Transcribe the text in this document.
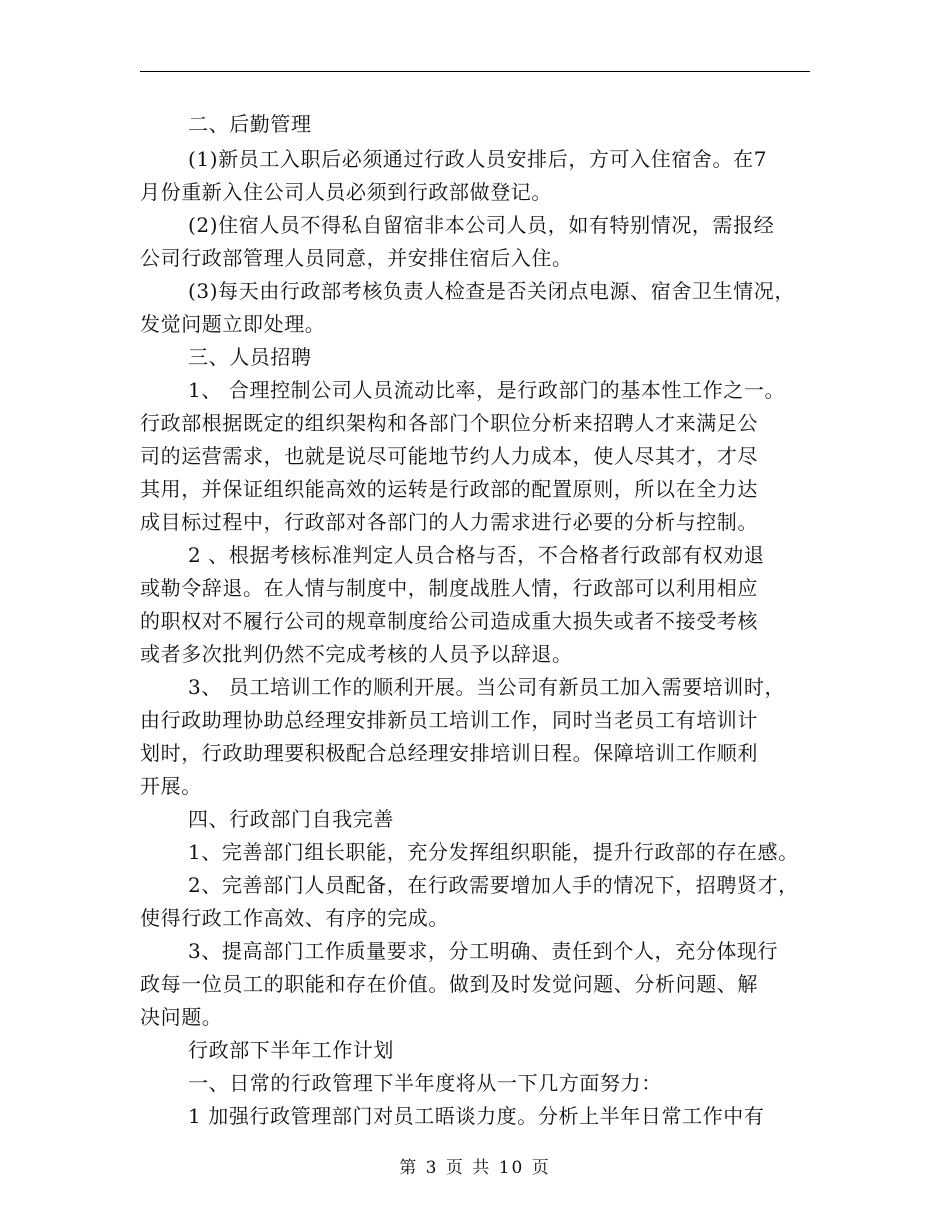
二、后勤管理
(1)新员工入职后必须通过行政人员安排后，方可入住宿舍。在7
月份重新入住公司人员必须到行政部做登记。
(2)住宿人员不得私自留宿非本公司人员，如有特别情况，需报经
公司行政部管理人员同意，并安排住宿后入住。
(3)每天由行政部考核负责人检查是否关闭点电源、宿舍卫生情况，
发觉问题立即处理。
三、人员招聘
1、 合理控制公司人员流动比率，是行政部门的基本性工作之一。
行政部根据既定的组织架构和各部门个职位分析来招聘人才来满足公
司的运营需求，也就是说尽可能地节约人力成本，使人尽其才，才尽
其用，并保证组织能高效的运转是行政部的配置原则，所以在全力达
成目标过程中，行政部对各部门的人力需求进行必要的分析与控制。
2 、根据考核标准判定人员合格与否，不合格者行政部有权劝退
或勒令辞退。在人情与制度中，制度战胜人情，行政部可以利用相应
的职权对不履行公司的规章制度给公司造成重大损失或者不接受考核
或者多次批判仍然不完成考核的人员予以辞退。
3、 员工培训工作的顺利开展。当公司有新员工加入需要培训时，
由行政助理协助总经理安排新员工培训工作，同时当老员工有培训计
划时，行政助理要积极配合总经理安排培训日程。保障培训工作顺利
开展。
四、行政部门自我完善
1、完善部门组长职能，充分发挥组织职能，提升行政部的存在感。
2、完善部门人员配备，在行政需要增加人手的情况下，招聘贤才，
使得行政工作高效、有序的完成。
3、提高部门工作质量要求，分工明确、责任到个人，充分体现行
政每一位员工的职能和存在价值。做到及时发觉问题、分析问题、解
决问题。
行政部下半年工作计划
一、日常的行政管理下半年度将从一下几方面努力：
1 加强行政管理部门对员工晤谈力度。分析上半年日常工作中有
第 3 页 共 10 页
